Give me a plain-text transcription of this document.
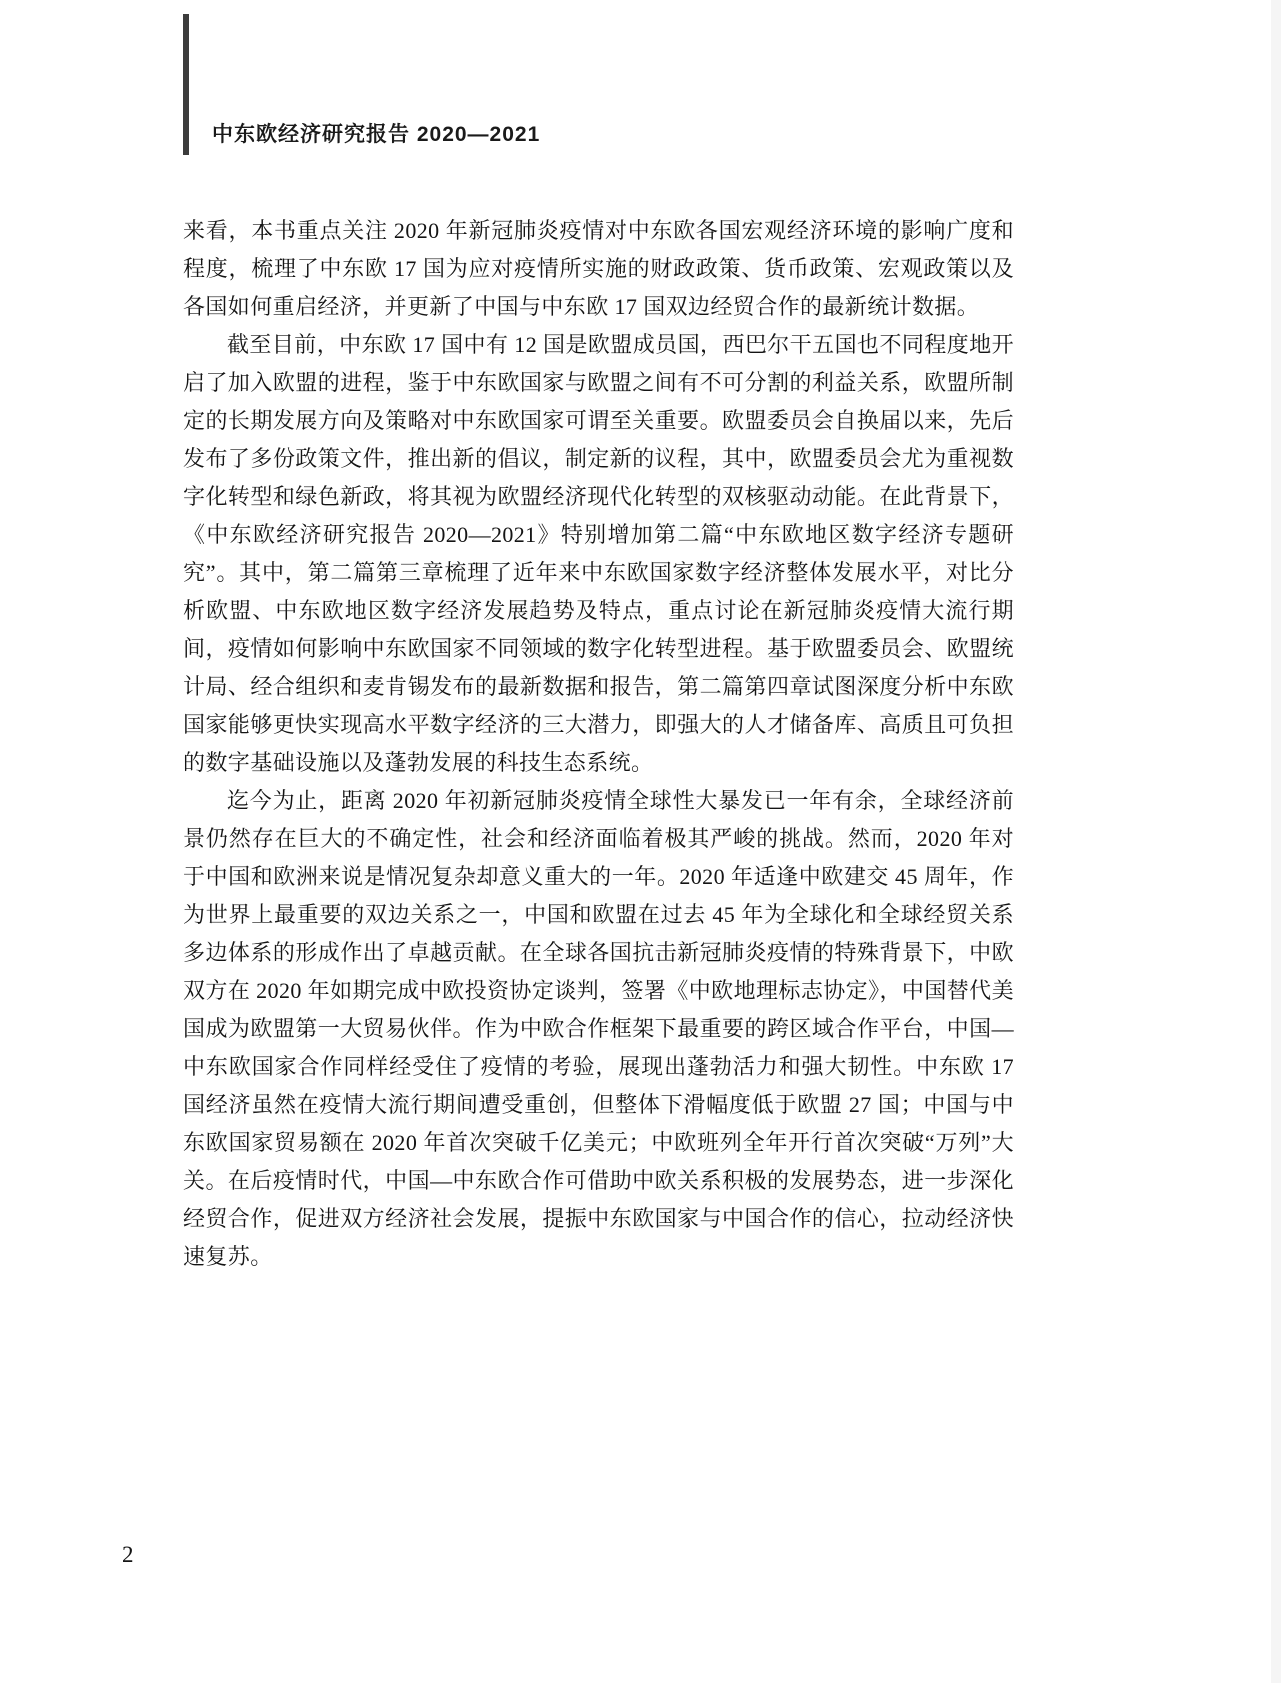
中东欧经济研究报告 2020—2021

来看，本书重点关注 2020 年新冠肺炎疫情对中东欧各国宏观经济环境的影响广度和程度，梳理了中东欧 17 国为应对疫情所实施的财政政策、货币政策、宏观政策以及各国如何重启经济，并更新了中国与中东欧 17 国双边经贸合作的最新统计数据。

截至目前，中东欧 17 国中有 12 国是欧盟成员国，西巴尔干五国也不同程度地开启了加入欧盟的进程，鉴于中东欧国家与欧盟之间有不可分割的利益关系，欧盟所制定的长期发展方向及策略对中东欧国家可谓至关重要。欧盟委员会自换届以来，先后发布了多份政策文件，推出新的倡议，制定新的议程，其中，欧盟委员会尤为重视数字化转型和绿色新政，将其视为欧盟经济现代化转型的双核驱动动能。在此背景下，《中东欧经济研究报告 2020—2021》特别增加第二篇“中东欧地区数字经济专题研究”。其中，第二篇第三章梳理了近年来中东欧国家数字经济整体发展水平，对比分析欧盟、中东欧地区数字经济发展趋势及特点，重点讨论在新冠肺炎疫情大流行期间，疫情如何影响中东欧国家不同领域的数字化转型进程。基于欧盟委员会、欧盟统计局、经合组织和麦肯锡发布的最新数据和报告，第二篇第四章试图深度分析中东欧国家能够更快实现高水平数字经济的三大潜力，即强大的人才储备库、高质且可负担的数字基础设施以及蓬勃发展的科技生态系统。

迄今为止，距离 2020 年初新冠肺炎疫情全球性大暴发已一年有余，全球经济前景仍然存在巨大的不确定性，社会和经济面临着极其严峻的挑战。然而，2020 年对于中国和欧洲来说是情况复杂却意义重大的一年。2020 年适逢中欧建交 45 周年，作为世界上最重要的双边关系之一，中国和欧盟在过去 45 年为全球化和全球经贸关系多边体系的形成作出了卓越贡献。在全球各国抗击新冠肺炎疫情的特殊背景下，中欧双方在 2020 年如期完成中欧投资协定谈判，签署《中欧地理标志协定》，中国替代美国成为欧盟第一大贸易伙伴。作为中欧合作框架下最重要的跨区域合作平台，中国—中东欧国家合作同样经受住了疫情的考验，展现出蓬勃活力和强大韧性。中东欧 17 国经济虽然在疫情大流行期间遭受重创，但整体下滑幅度低于欧盟 27 国；中国与中东欧国家贸易额在 2020 年首次突破千亿美元；中欧班列全年开行首次突破“万列”大关。在后疫情时代，中国—中东欧合作可借助中欧关系积极的发展势态，进一步深化经贸合作，促进双方经济社会发展，提振中东欧国家与中国合作的信心，拉动经济快速复苏。

2
